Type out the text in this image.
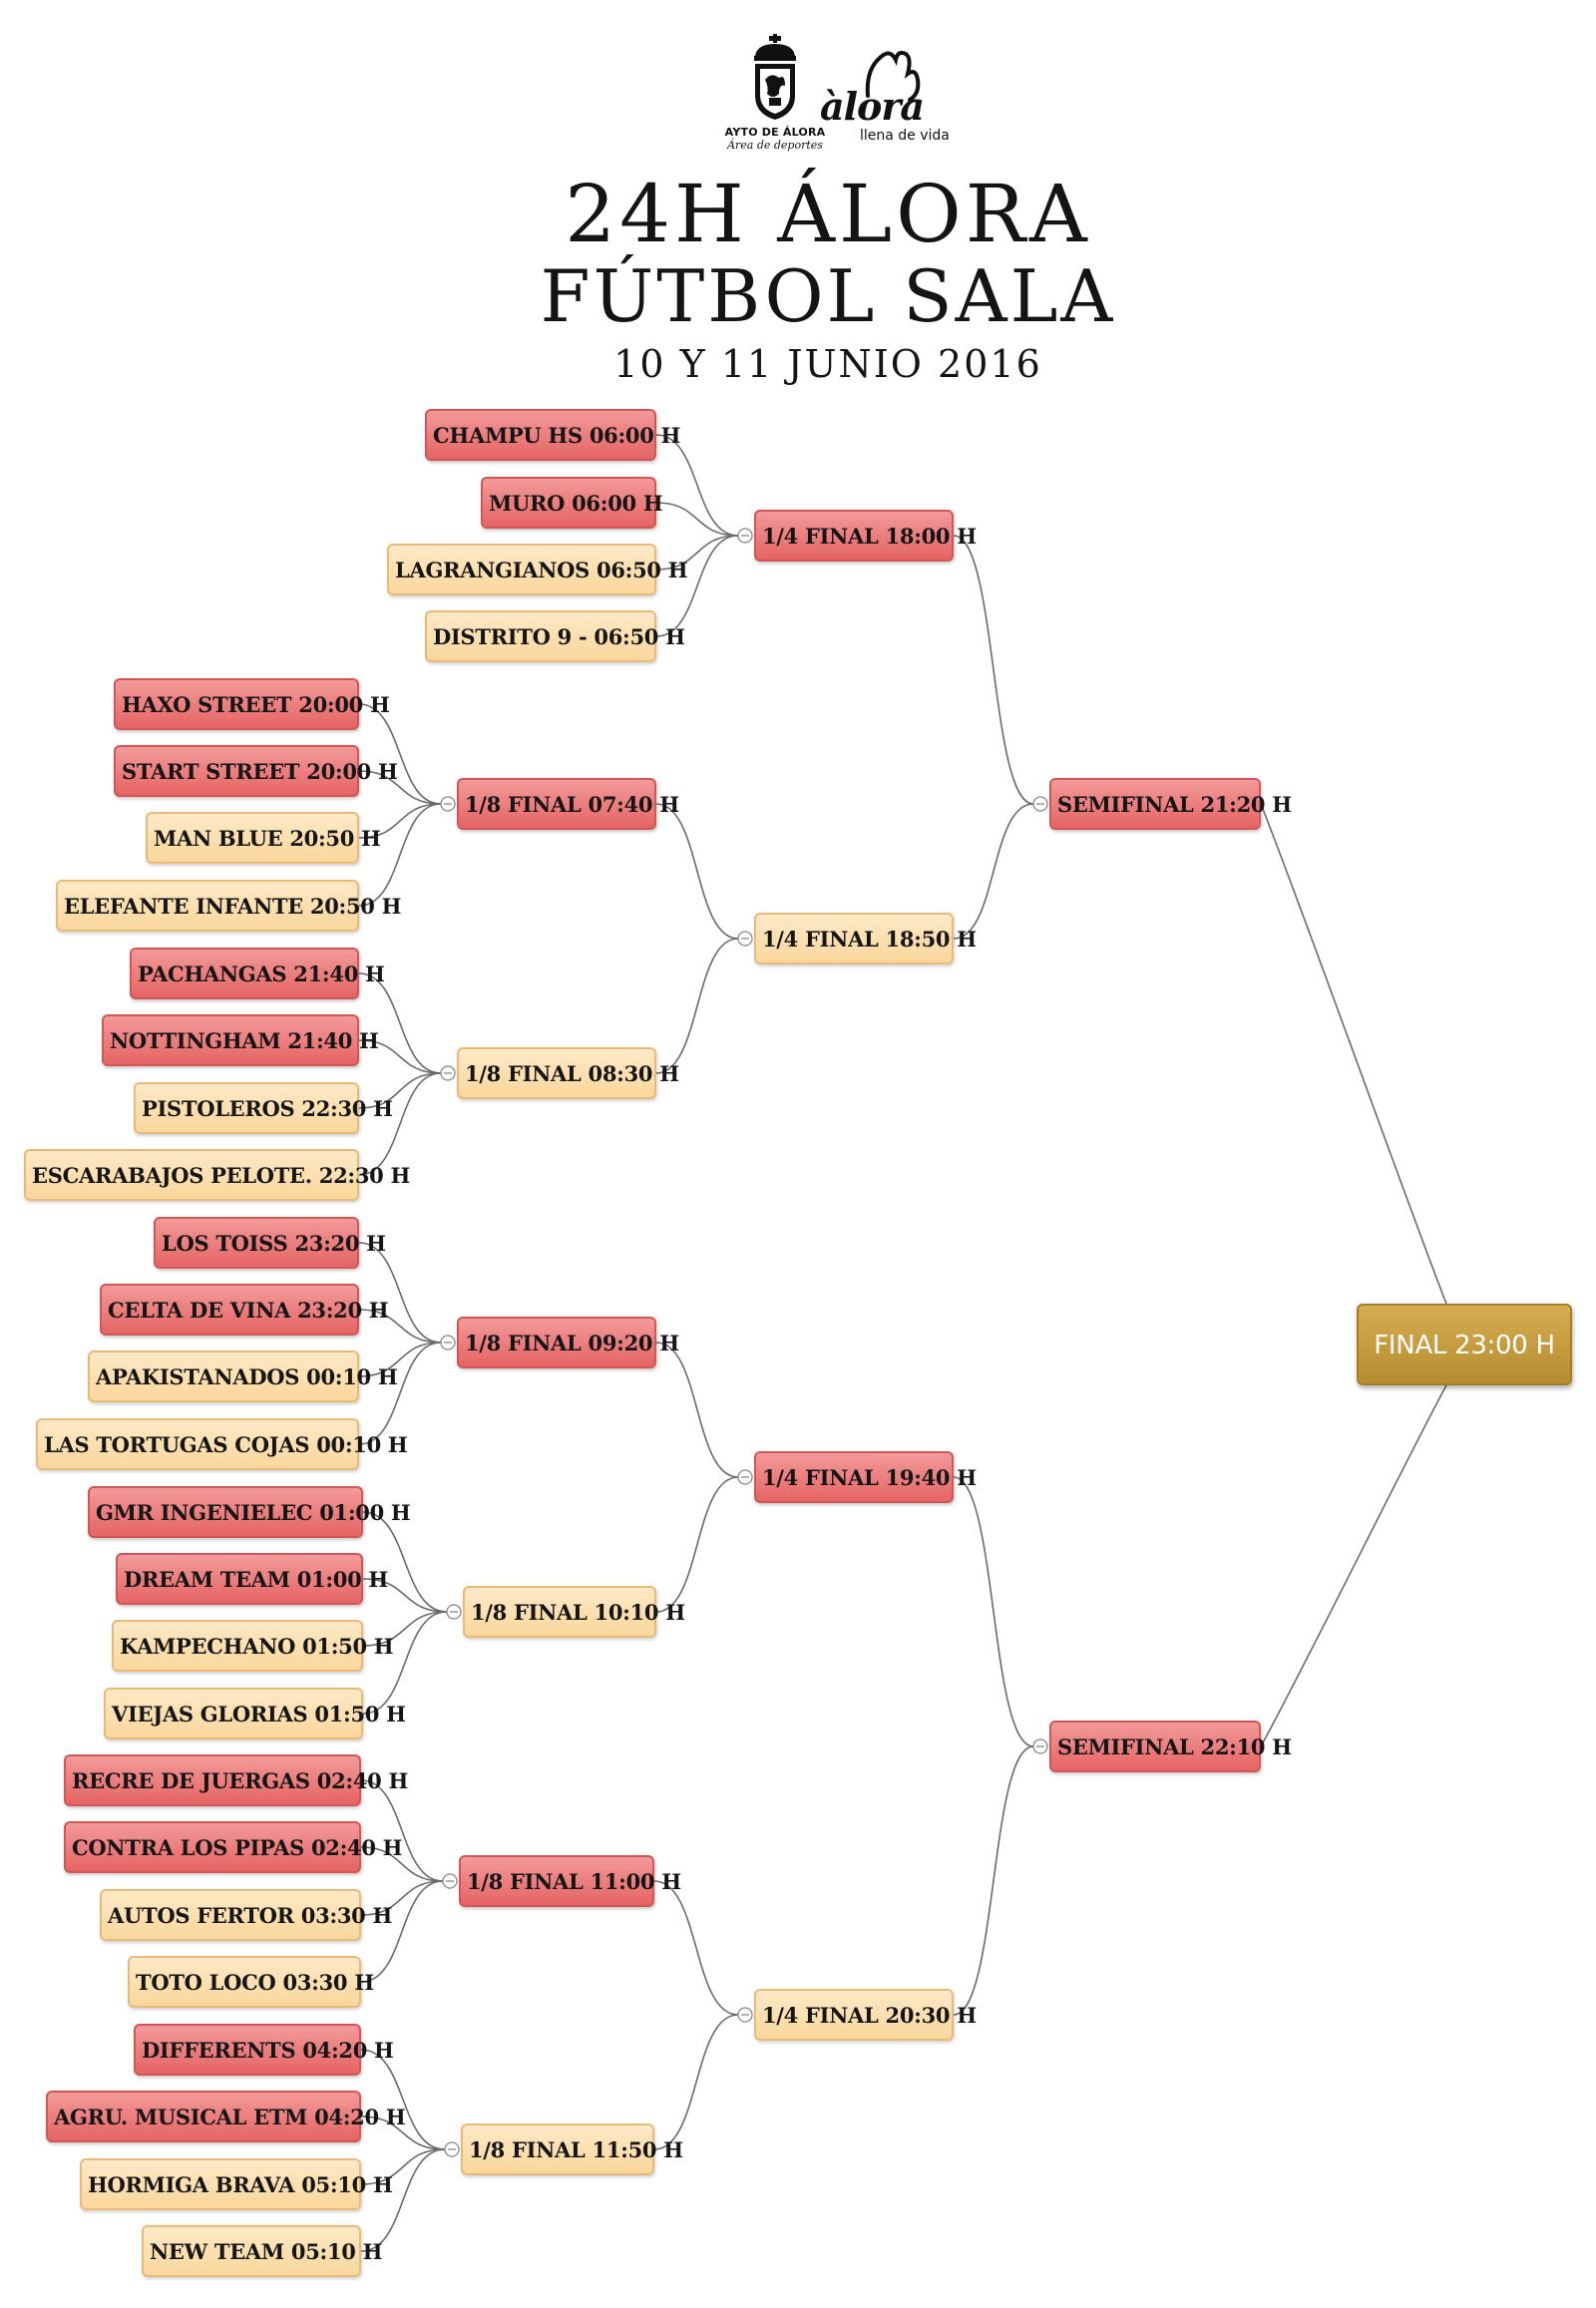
AYTO DE ÁLORA
Área de deportes
àlora
llena de vida
24H ÁLORA
FÚTBOL SALA
10 Y 11 JUNIO 2016
FINAL 23:00 H
SEMIFINAL 21:20 H
SEMIFINAL 22:10 H
1/4 FINAL 18:00 H
1/4 FINAL 18:50 H
1/4 FINAL 19:40 H
1/4 FINAL 20:30 H
1/8 FINAL 07:40 H
1/8 FINAL 08:30 H
1/8 FINAL 09:20 H
1/8 FINAL 10:10 H
1/8 FINAL 11:00 H
1/8 FINAL 11:50 H
CHAMPU HS 06:00 H
MURO 06:00 H
LAGRANGIANOS 06:50 H
DISTRITO 9 - 06:50 H
HAXO STREET 20:00 H
START STREET 20:00 H
MAN BLUE 20:50 H
ELEFANTE INFANTE 20:50 H
PACHANGAS 21:40 H
NOTTINGHAM 21:40 H
PISTOLEROS 22:30 H
ESCARABAJOS PELOTE. 22:30 H
LOS TOISS 23:20 H
CELTA DE VINA 23:20 H
APAKISTANADOS 00:10 H
LAS TORTUGAS COJAS 00:10 H
GMR INGENIELEC 01:00 H
DREAM TEAM 01:00 H
KAMPECHANO 01:50 H
VIEJAS GLORIAS 01:50 H
RECRE DE JUERGAS 02:40 H
CONTRA LOS PIPAS 02:40 H
AUTOS FERTOR 03:30 H
TOTO LOCO 03:30 H
DIFFERENTS 04:20 H
AGRU. MUSICAL ETM 04:20 H
HORMIGA BRAVA 05:10 H
NEW TEAM 05:10 H
